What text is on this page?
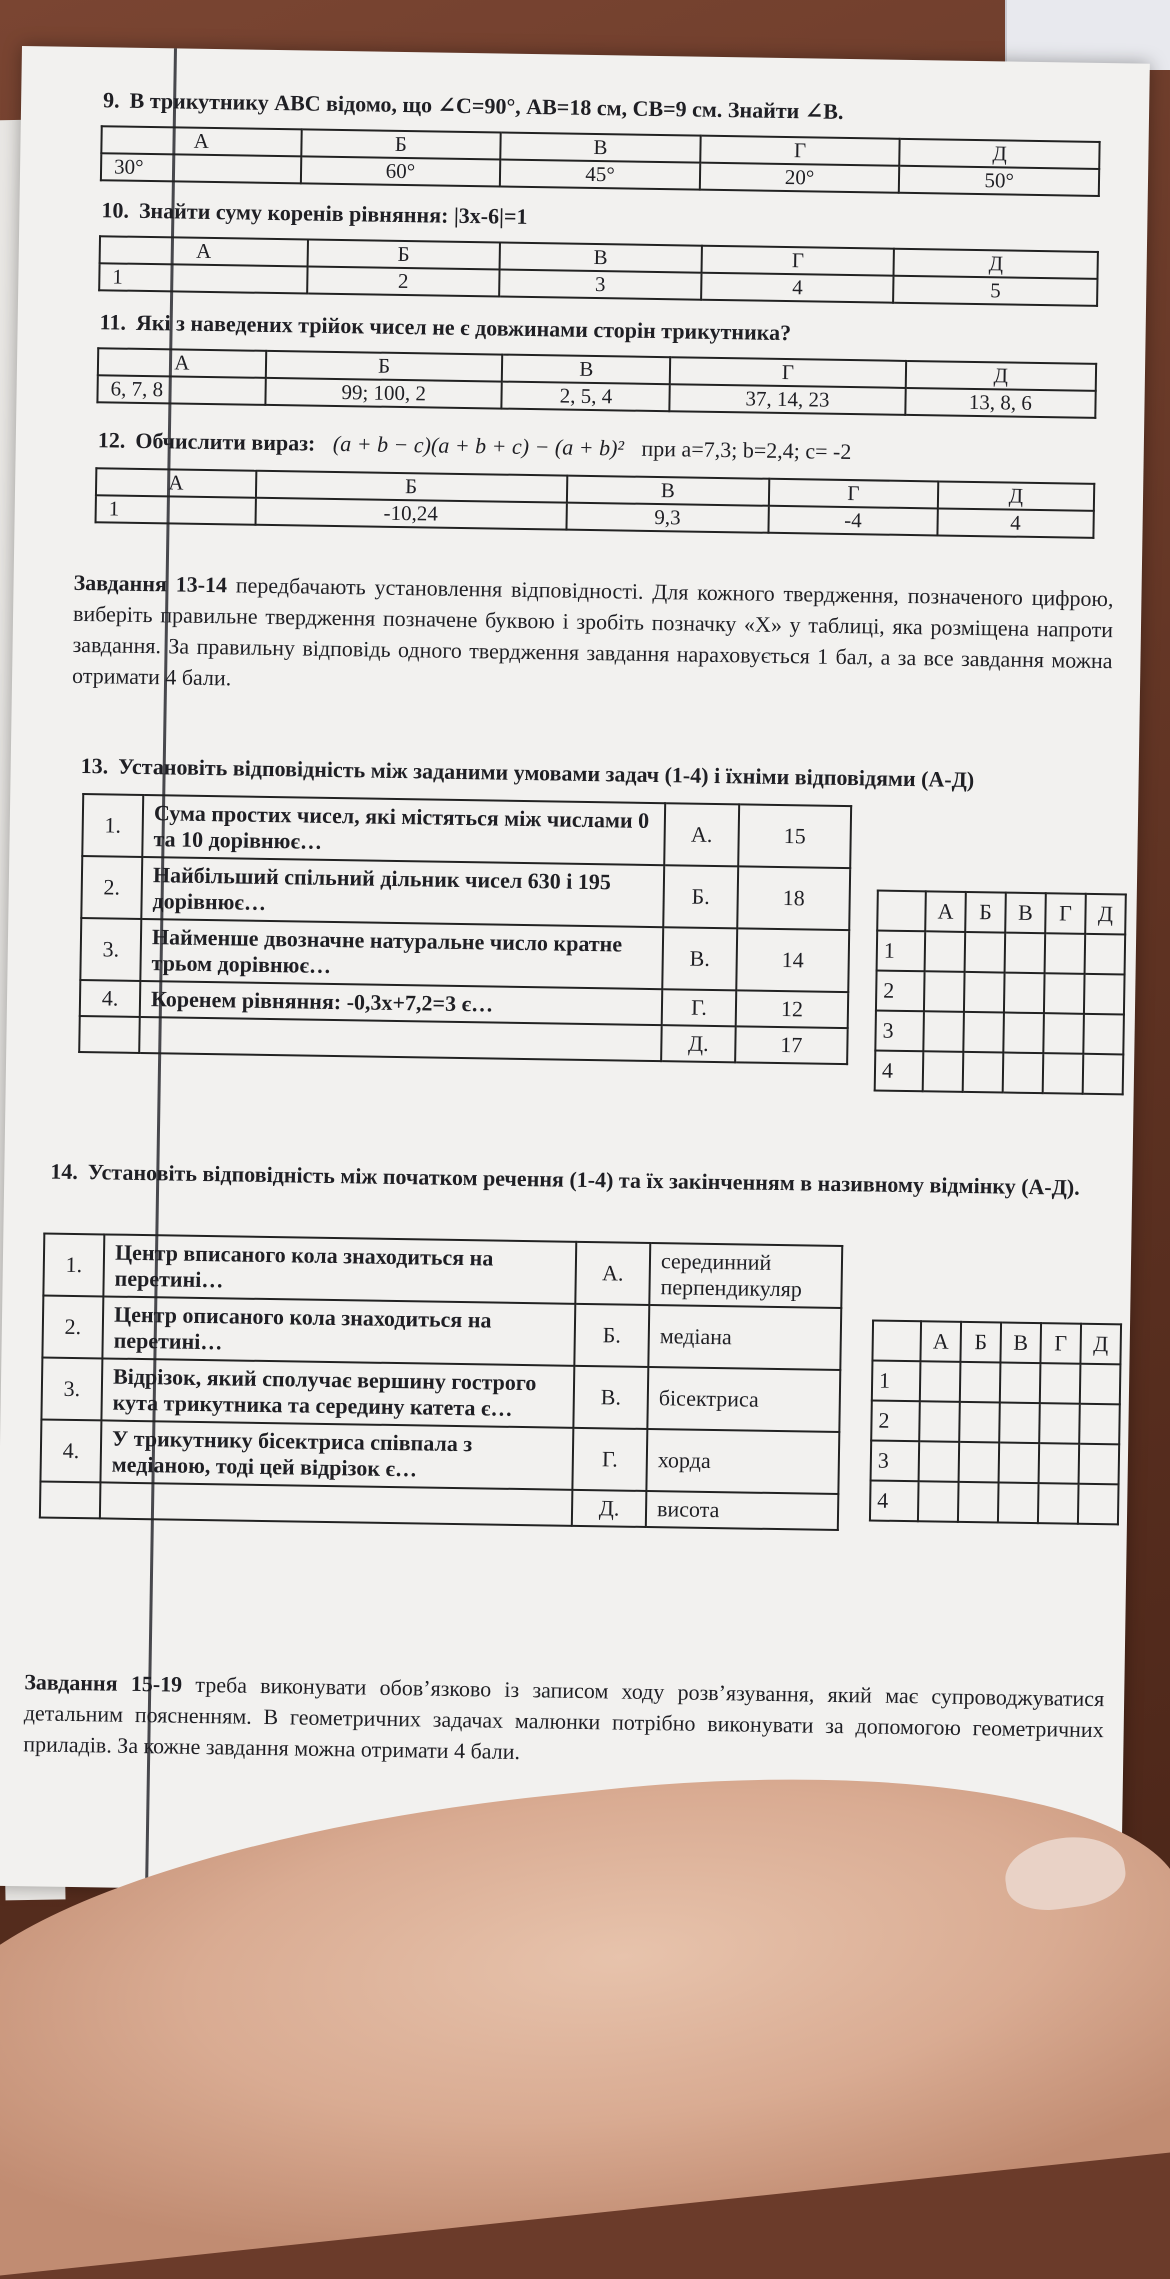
9. В трикутнику АВС відомо, що ∠С=90°, АВ=18 см, СВ=9 см. Знайти ∠В.
А	Б	В	Г	Д
30°	60°	45°	20°	50°
10. Знайти суму коренів рівняння: |3х-6|=1
А	Б	В	Г	Д
1	2	3	4	5
11. Які з наведених трійок чисел не є довжинами сторін трикутника?
А	Б	В	Г	Д
6, 7, 8	99; 100, 2	2, 5, 4	37, 14, 23	13, 8, 6
12. Обчислити вираз: (a + b − c)(a + b + c) − (a + b)² при а=7,3; b=2,4; c= -2
А	Б	В	Г	Д
1	-10,24	9,3	-4	4
Завдання 13-14 передбачають установлення відповідності. Для кожного твердження, позначеного цифрою, виберіть правильне твердження позначене буквою і зробіть позначку «Х» у таблиці, яка розміщена напроти завдання. За правильну відповідь одного твердження завдання нараховується 1 бал, а за все завдання можна отримати 4 бали.
13. Установіть відповідність між заданими умовами задач (1-4) і їхніми відповідями (А-Д)
1.	Сума простих чисел, які містяться між числами 0 та 10 дорівнює…	А.	15
2.	Найбільший спільний дільник чисел 630 і 195 дорівнює…	Б.	18
3.	Найменше двозначне натуральне число кратне трьом дорівнює…	В.	14
4.	Коренем рівняння: -0,3х+7,2=3 є…	Г.	12
		Д.	17
	А	Б	В	Г	Д
1					
2					
3					
4					
14. Установіть відповідність між початком речення (1-4) та їх закінченням в називному відмінку (А-Д).
1.	Центр вписаного кола знаходиться на перетині…	А.	серединний перпендикуляр
2.	Центр описаного кола знаходиться на перетині…	Б.	медіана
3.	Відрізок, який сполучає вершину гострого кута трикутника та середину катета є…	В.	бісектриса
4.	У трикутнику бісектриса співпала з медіаною, тоді цей відрізок є…	Г.	хорда
		Д.	висота
	А	Б	В	Г	Д
1					
2					
3					
4					
Завдання 15-19 треба виконувати обов’язково із записом ходу розв’язування, який має супроводжуватися детальним поясненням. В геометричних задачах малюнки потрібно виконувати за допомогою геометричних приладів. За кожне завдання можна отримати 4 бали.
